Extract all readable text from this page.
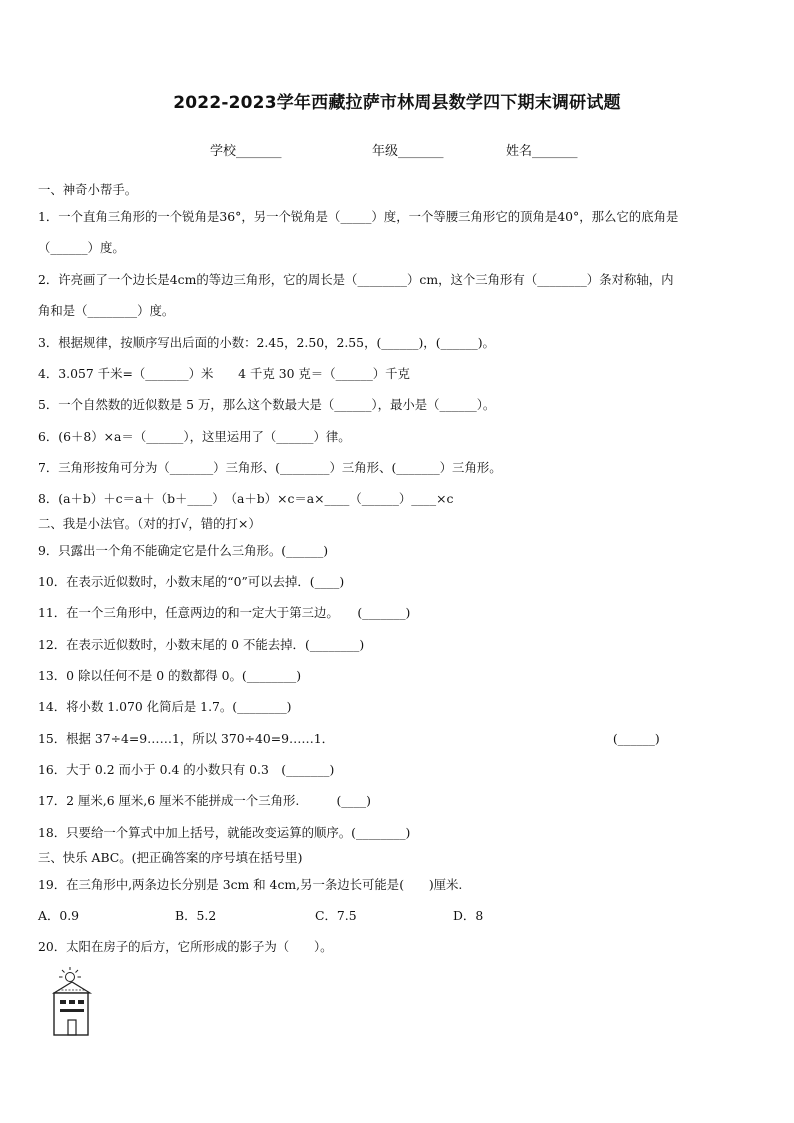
2022-2023学年西藏拉萨市林周县数学四下期末调研试题
学校_______	年级_______	姓名_______
一、神奇小帮手。
1．一个直角三角形的一个锐角是36°，另一个锐角是（_____）度，一个等腰三角形它的顶角是40°，那么它的底角是
（______）度。
2．许亮画了一个边长是4cm的等边三角形，它的周长是（________）cm，这个三角形有（________）条对称轴，内
角和是（________）度。
3．根据规律，按顺序写出后面的小数：2.45，2.50，2.55，(______)，(______)。
4．3.057 千米=（_______）米　　4 千克 30 克＝（______）千克
5．一个自然数的近似数是 5 万，那么这个数最大是（______），最小是（______）。
6．(6＋8）×a＝（______），这里运用了（______）律。
7．三角形按角可分为（_______）三角形、(________）三角形、(_______）三角形。
8．(a＋b）＋c＝a＋（b＋____）　（a＋b）×c＝a×____（______）____×c
二、我是小法官。（对的打√，错的打×）
9．只露出一个角不能确定它是什么三角形。(______)
10．在表示近似数时，小数末尾的“0”可以去掉．(____)
11．在一个三角形中，任意两边的和一定大于第三边。　　(_______)
12．在表示近似数时，小数末尾的 0 不能去掉．(________)
13．0 除以任何不是 0 的数都得 0。(________)
14．将小数 1.070 化简后是 1.7。(________)
15．根据 37÷4=9……1，所以 370÷40=9……1．　　　　　　　　　　　　　　　　　　　　　　　(______)
16．大于 0.2 而小于 0.4 的小数只有 0.3　(_______)
17．2 厘米,6 厘米,6 厘米不能拼成一个三角形.　　　(____)
18．只要给一个算式中加上括号，就能改变运算的顺序。(________)
三、快乐 ABC。(把正确答案的序号填在括号里)
19．在三角形中,两条边长分别是 3cm 和 4cm,另一条边长可能是(　　)厘米.
A．0.9	B．5.2	C．7.5	D．8
20．太阳在房子的后方，它所形成的影子为（　　）。
